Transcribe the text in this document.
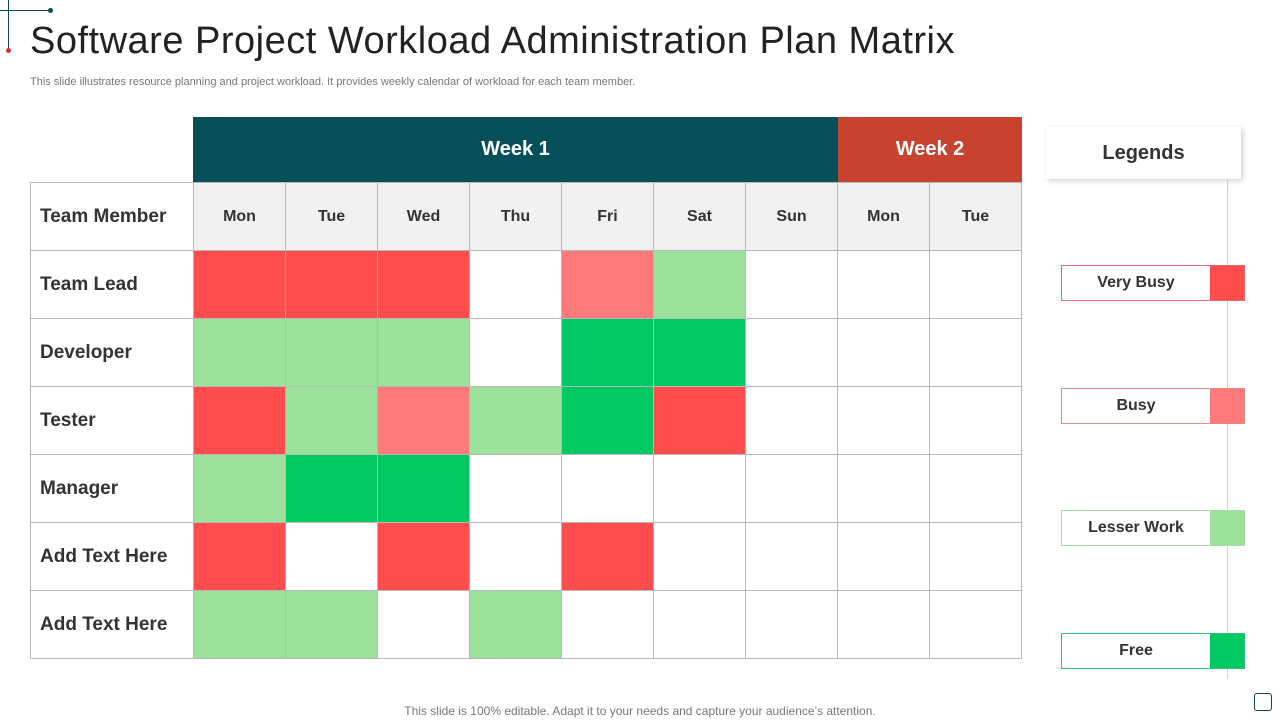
Software Project Workload Administration Plan Matrix
This slide illustrates resource planning and project workload. It provides weekly calendar of workload for each team member.
Week 1	Week 2
Team Member	Mon	Tue	Wed	Thu	Fri	Sat	Sun	Mon	Tue
Team Lead									
Developer									
Tester									
Manager									
Add Text Here									
Add Text Here									
Legends
Very Busy
Busy
Lesser Work
Free
This slide is 100% editable. Adapt it to your needs and capture your audience’s attention.
